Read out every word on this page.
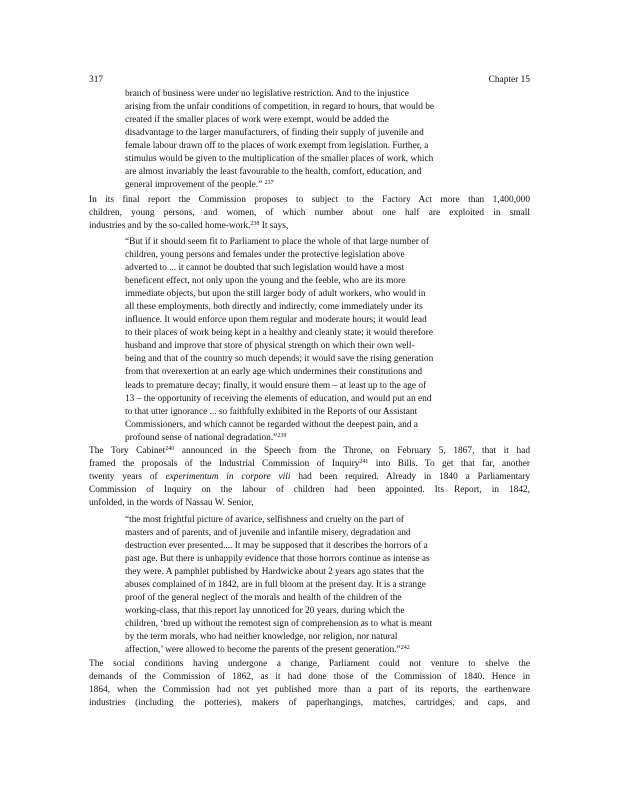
317	Chapter 15
branch of business were under no legislative restriction. And to the injustice
arising from the unfair conditions of competition, in regard to hours, that would be
created if the smaller places of work were exempt, would be added the
disadvantage to the larger manufacturers, of finding their supply of juvenile and
female labour drawn off to the places of work exempt from legislation. Further, a
stimulus would be given to the multiplication of the smaller places of work, which
are almost invariably the least favourable to the health, comfort, education, and
general improvement of the people.” $^{237}$
In its final report the Commission proposes to subject to the Factory Act more than 1,400,000
children, young persons, and women, of which number about one half are exploited in small
industries and by the so-called home-work.$^{238}$ It says,
“But if it should seem fit to Parliament to place the whole of that large number of
children, young persons and females under the protective legislation above
adverted to ... it cannot be doubted that such legislation would have a most
beneficent effect, not only upon the young and the feeble, who are its more
immediate objects, but upon the still larger body of adult workers, who would in
all these employments, both directly and indirectly, come immediately under its
influence. It would enforce upon them regular and moderate hours; it would lead
to their places of work being kept in a healthy and cleanly state; it would therefore
husband and improve that store of physical strength on which their own well-
being and that of the country so much depends; it would save the rising generation
from that overexertion at an early age which undermines their constitutions and
leads to premature decay; finally, it would ensure them – at least up to the age of
13 – the opportunity of receiving the elements of education, and would put an end
to that utter ignorance ... so faithfully exhibited in the Reports of our Assistant
Commissioners, and which cannot be regarded without the deepest pain, and a
profound sense of national degradation.”$^{239}$
The Tory Cabinet$^{240}$ announced in the Speech from the Throne, on February 5, 1867, that it had
framed the proposals of the Industrial Commission of Inquiry$^{241}$ into Bills. To get that far, another
twenty years of experimentum in corpore vili had been required. Already in 1840 a Parliamentary
Commission of Inquiry on the labour of children had been appointed. Its Report, in 1842,
unfolded, in the words of Nassau W. Senior,
“the most frightful picture of avarice, selfishness and cruelty on the part of
masters and of parents, and of juvenile and infantile misery, degradation and
destruction ever presented.... It may be supposed that it describes the horrors of a
past age. But there is unhappily evidence that those horrors continue as intense as
they were. A pamphlet published by Hardwicke about 2 years ago states that the
abuses complained of in 1842, are in full bloom at the present day. It is a strange
proof of the general neglect of the morals and health of the children of the
working-class, that this report lay unnoticed for 20 years, during which the
children, ‘bred up without the remotest sign of comprehension as to what is meant
by the term morals, who had neither knowledge, nor religion, nor natural
affection,’ were allowed to become the parents of the present generation.”$^{242}$
The social conditions having undergone a change, Parliament could not venture to shelve the
demands of the Commission of 1862, as it had done those of the Commission of 1840. Hence in
1864, when the Commission had not yet published more than a part of its reports, the earthenware
industries (including the potteries), makers of paperhangings, matches, cartridges, and caps, and
